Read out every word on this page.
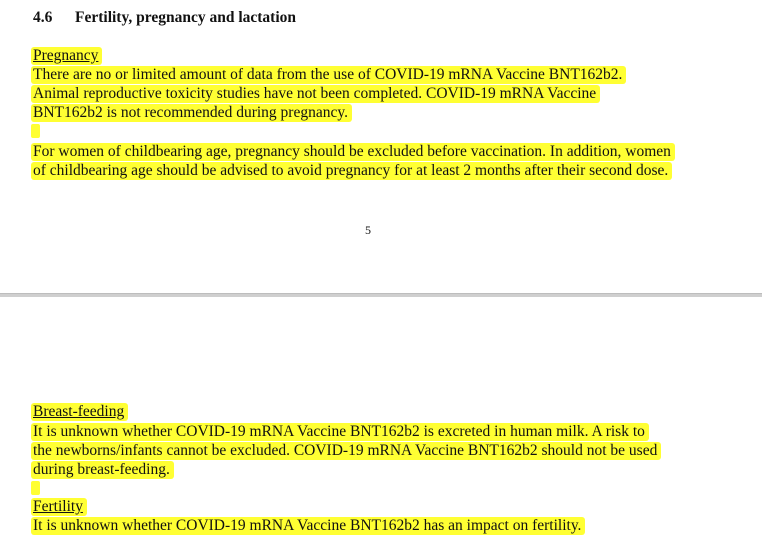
4.6 Fertility, pregnancy and lactation
Pregnancy
There are no or limited amount of data from the use of COVID-19 mRNA Vaccine BNT162b2.
Animal reproductive toxicity studies have not been completed. COVID-19 mRNA Vaccine
BNT162b2 is not recommended during pregnancy.
For women of childbearing age, pregnancy should be excluded before vaccination. In addition, women
of childbearing age should be advised to avoid pregnancy for at least 2 months after their second dose.
5
Breast-feeding
It is unknown whether COVID-19 mRNA Vaccine BNT162b2 is excreted in human milk. A risk to
the newborns/infants cannot be excluded. COVID-19 mRNA Vaccine BNT162b2 should not be used
during breast-feeding.
Fertility
It is unknown whether COVID-19 mRNA Vaccine BNT162b2 has an impact on fertility.
